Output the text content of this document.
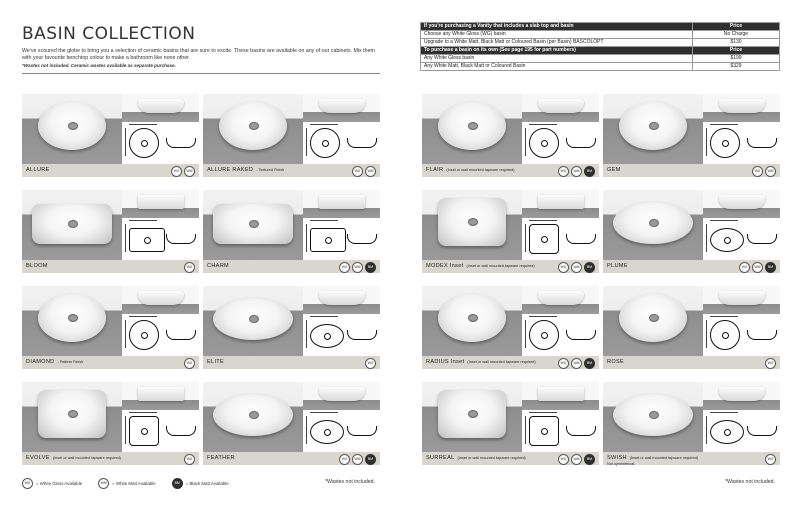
BASIN COLLECTION
We've scoured the globe to bring you a selection of ceramic basins that are sure to excite. These basins are available on any of our cabinets. Mix them with your favourite benchtop colour to make a bathroom like none other.
*Wastes not included. Ceramic wastes available as separate purchase.
ALLURE	WG WM	ALLURE RAKED - Textured Finish	WG WM
BLOOM	WG	CHARM	WG WM BM
DIAMOND - Pattern Finish	WG	ELITE	WG
EVOLVE (Inset or wall mounted tapware required)	WG	FEATHER	WG WM BM
WG	= White Gloss Available	WM	= White Matt Available	BM	= Black Matt Available	*Wastes not included.
If you're purchasing a Vanity that includes a slab top and basin	Price
Choose any White Gloss (WG) basin	No Charge
Upgrade to a White Matt, Black Matt or Coloured Basin (per Basin) BASCOLOPT	$130
To purchase a basin on its own (See page 195 for part numbers)	Price
Any White Gloss basin	$199
Any White Matt, Black Matt or Coloured Basin	$329
FLAIR (Inset or wall mounted tapware required)	WG WM BM	GEM	WG WM
MODEX Inset (Inset or wall mounted tapware required)	WG WM BM	PLUME	WG WM BM
RADIUS Inset (Inset or wall mounted tapware required)	WG WM BM	ROSE	WG
SURREAL (Inset or wall mounted tapware required)	WG WM BM	SWISH (Inset or wall mounted tapware required)
Not symmetrical.
WG
*Wastes not included.
